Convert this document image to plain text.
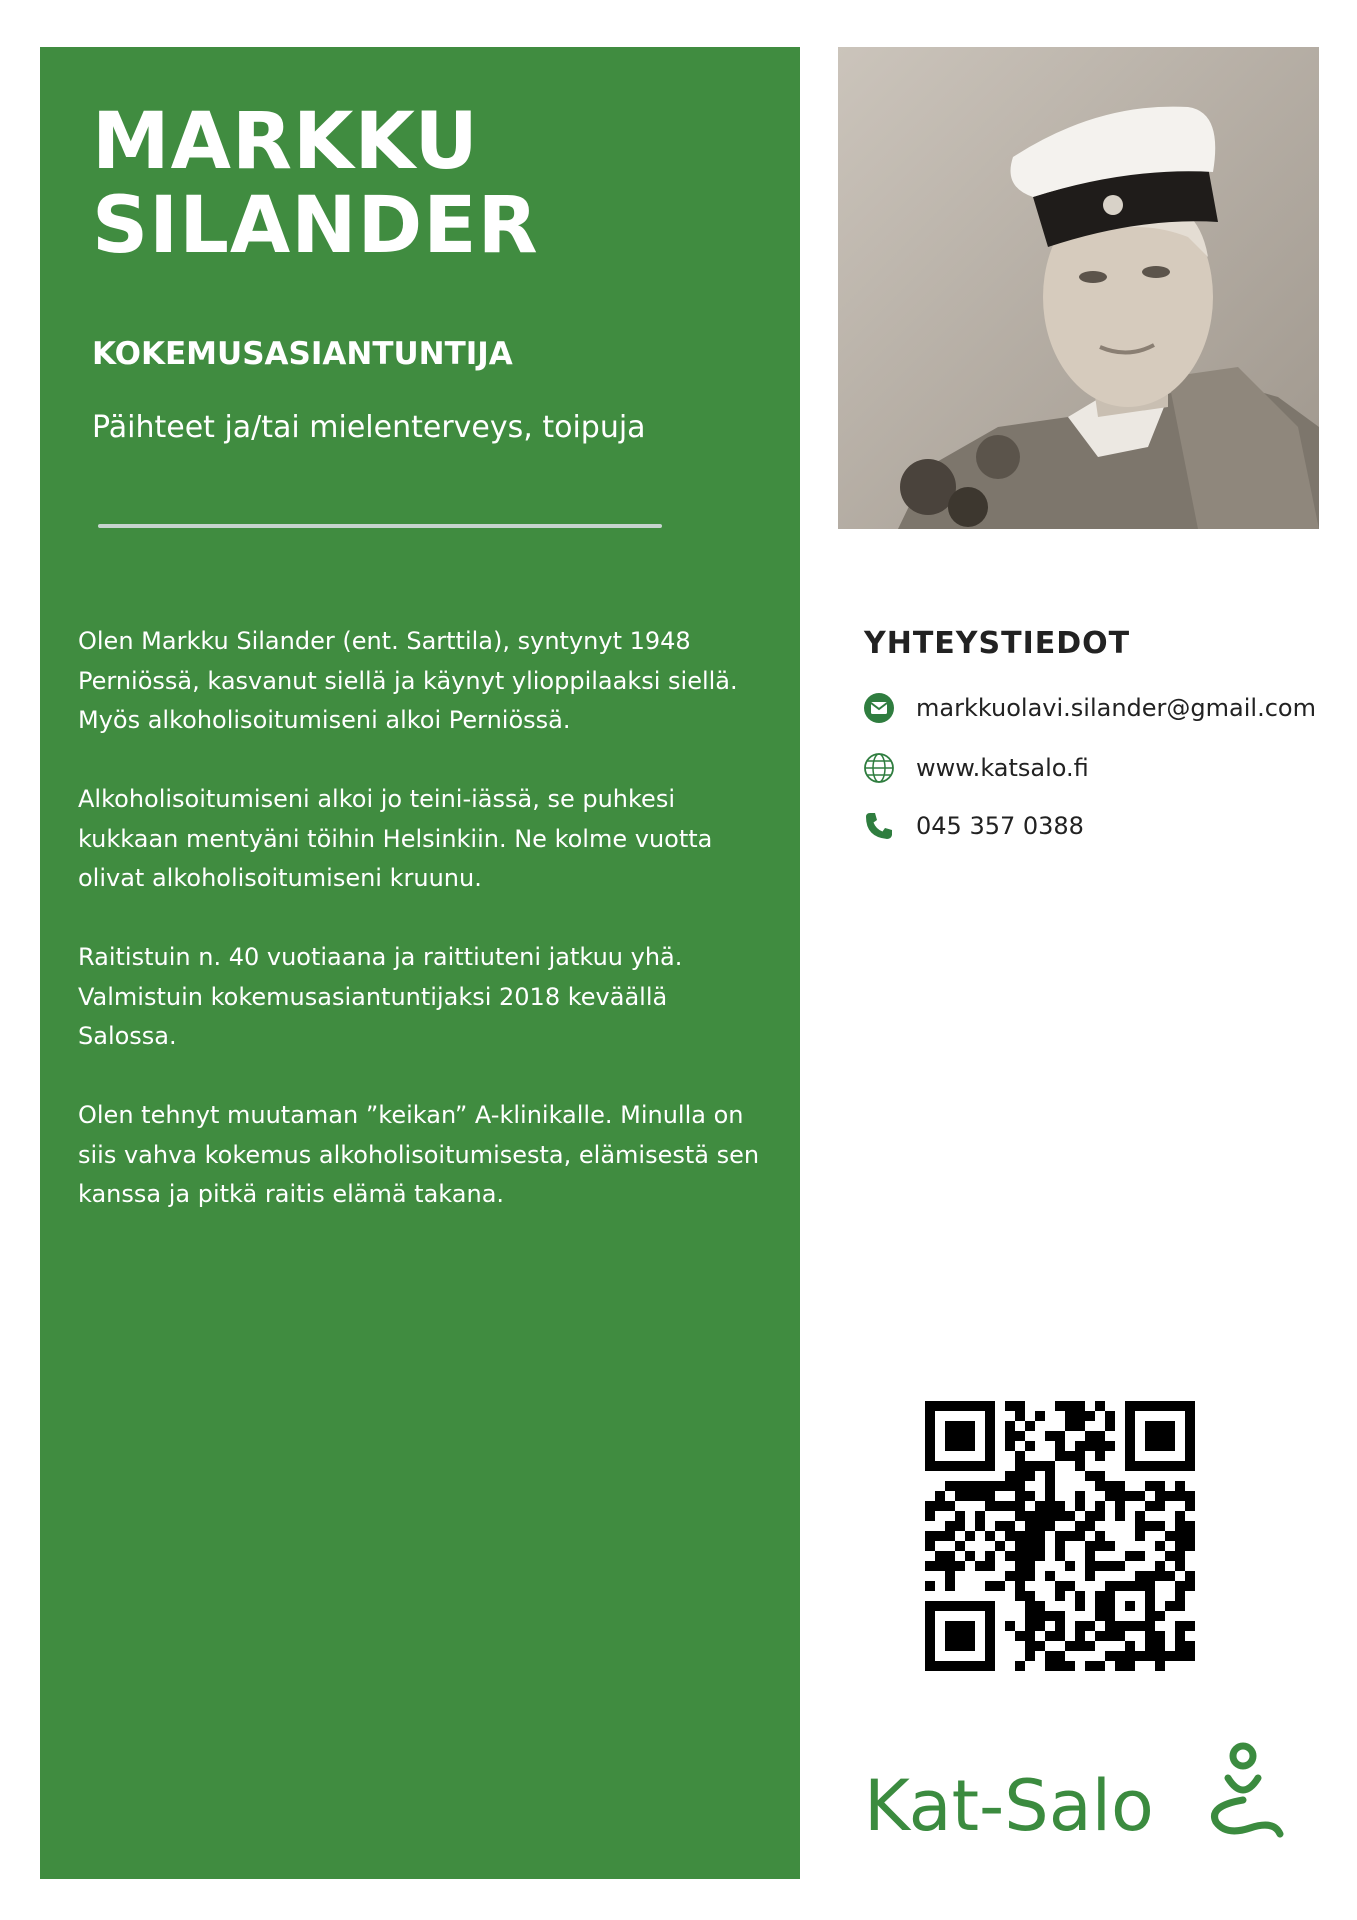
MARKKU
SILANDER
KOKEMUSASIANTUNTIJA
Päihteet ja/tai mielenterveys, toipuja

Olen Markku Silander (ent. Sarttila), syntynyt 1948
Perniössä, kasvanut siellä ja käynyt ylioppilaaksi siellä.
Myös alkoholisoitumiseni alkoi Perniössä.

Alkoholisoitumiseni alkoi jo teini-iässä, se puhkesi
kukkaan mentyäni töihin Helsinkiin. Ne kolme vuotta
olivat alkoholisoitumiseni kruunu.

Raitistuin n. 40 vuotiaana ja raittiuteni jatkuu yhä.
Valmistuin kokemusasiantuntijaksi 2018 keväällä
Salossa.

Olen tehnyt muutaman ”keikan” A-klinikalle. Minulla on
siis vahva kokemus alkoholisoitumisesta, elämisestä sen
kanssa ja pitkä raitis elämä takana.

YHTEYSTIEDOT
markkuolavi.silander@gmail.com
www.katsalo.fi
045 357 0388
Kat-Salo
